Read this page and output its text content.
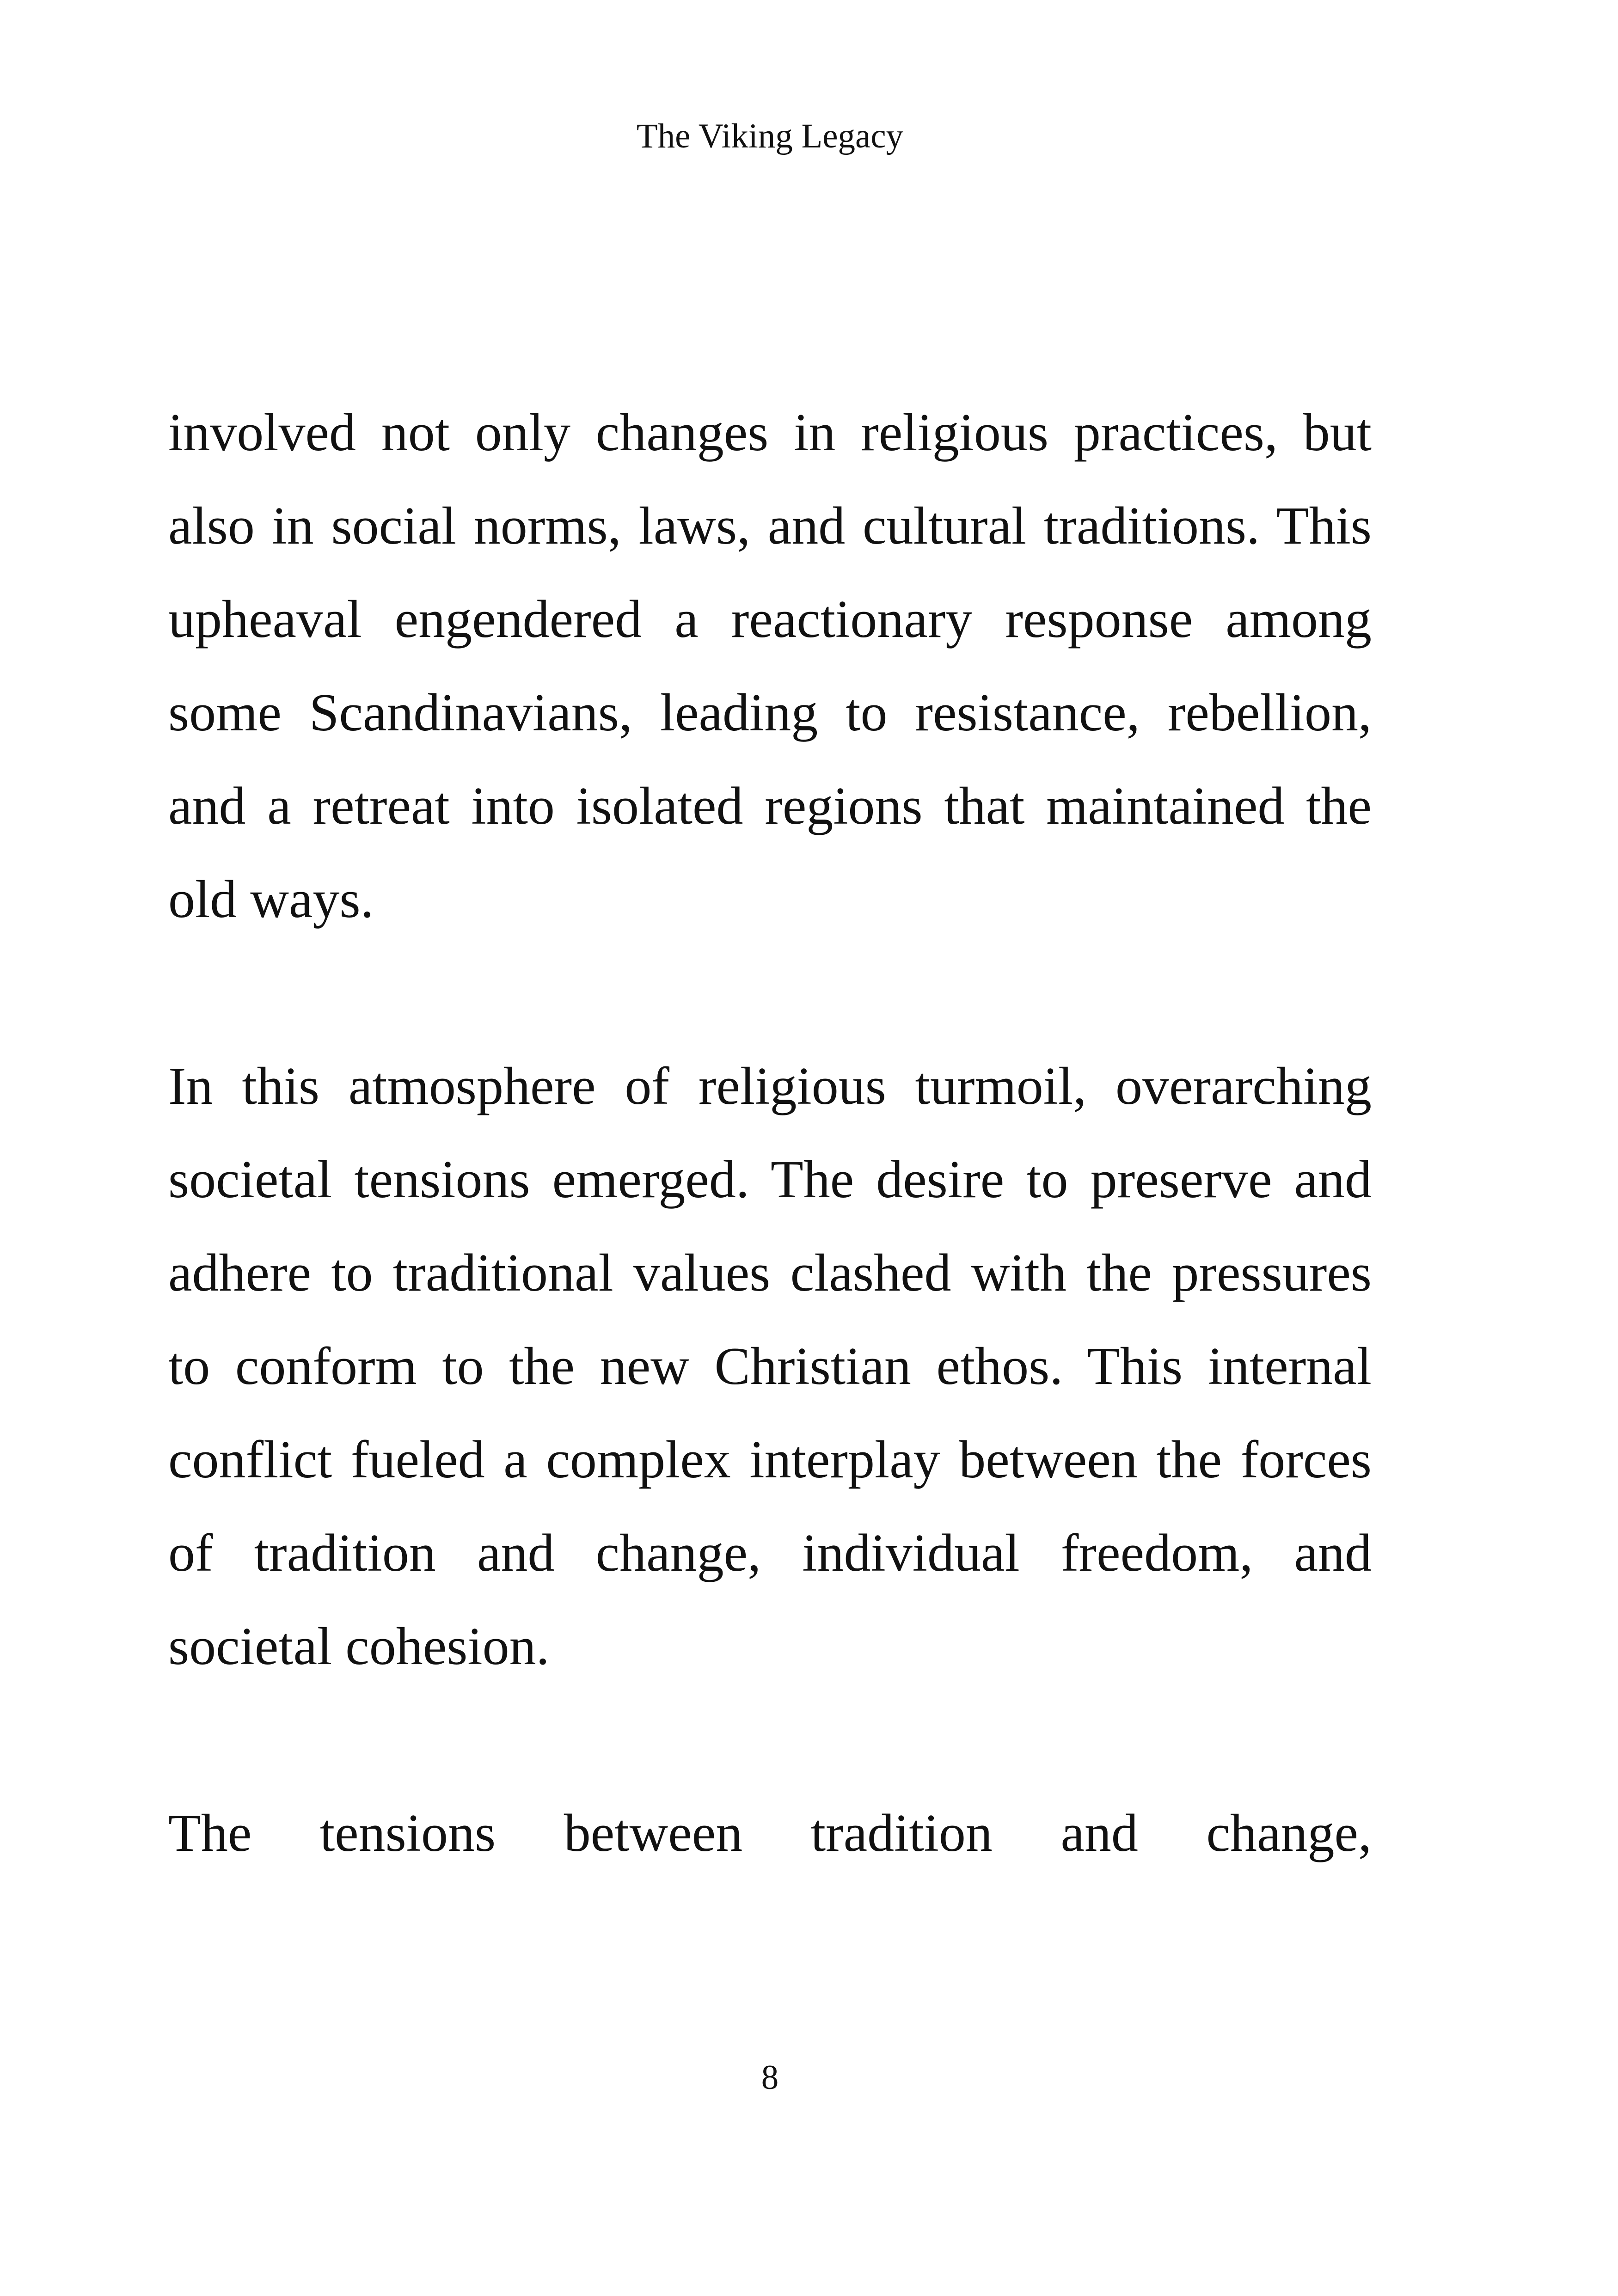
The Viking Legacy

involved not only changes in religious practices, but
also in social norms, laws, and cultural traditions. This
upheaval engendered a reactionary response among
some Scandinavians, leading to resistance, rebellion,
and a retreat into isolated regions that maintained the
old ways.

In this atmosphere of religious turmoil, overarching
societal tensions emerged. The desire to preserve and
adhere to traditional values clashed with the pressures
to conform to the new Christian ethos. This internal
conflict fueled a complex interplay between the forces
of tradition and change, individual freedom, and
societal cohesion.

The tensions between tradition and change,

8
